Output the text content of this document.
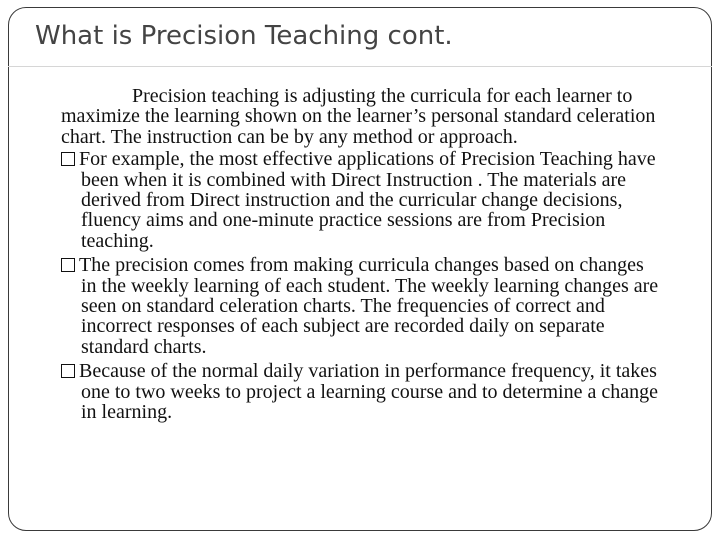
What is Precision Teaching cont.

Precision teaching is adjusting the curricula for each learner to maximize the learning shown on the learner’s personal standard celeration chart. The instruction can be by any method or approach.

For example, the most effective applications of Precision Teaching have been when it is combined with Direct Instruction . The materials are derived from Direct instruction and the curricular change decisions, fluency aims and one-minute practice sessions are from Precision teaching.

The precision comes from making curricula changes based on changes in the weekly learning of each student. The weekly learning changes are seen on standard celeration charts. The frequencies of correct and incorrect responses of each subject are recorded daily on separate standard charts.

Because of the normal daily variation in performance frequency, it takes one to two weeks to project a learning course and to determine a change in learning.
